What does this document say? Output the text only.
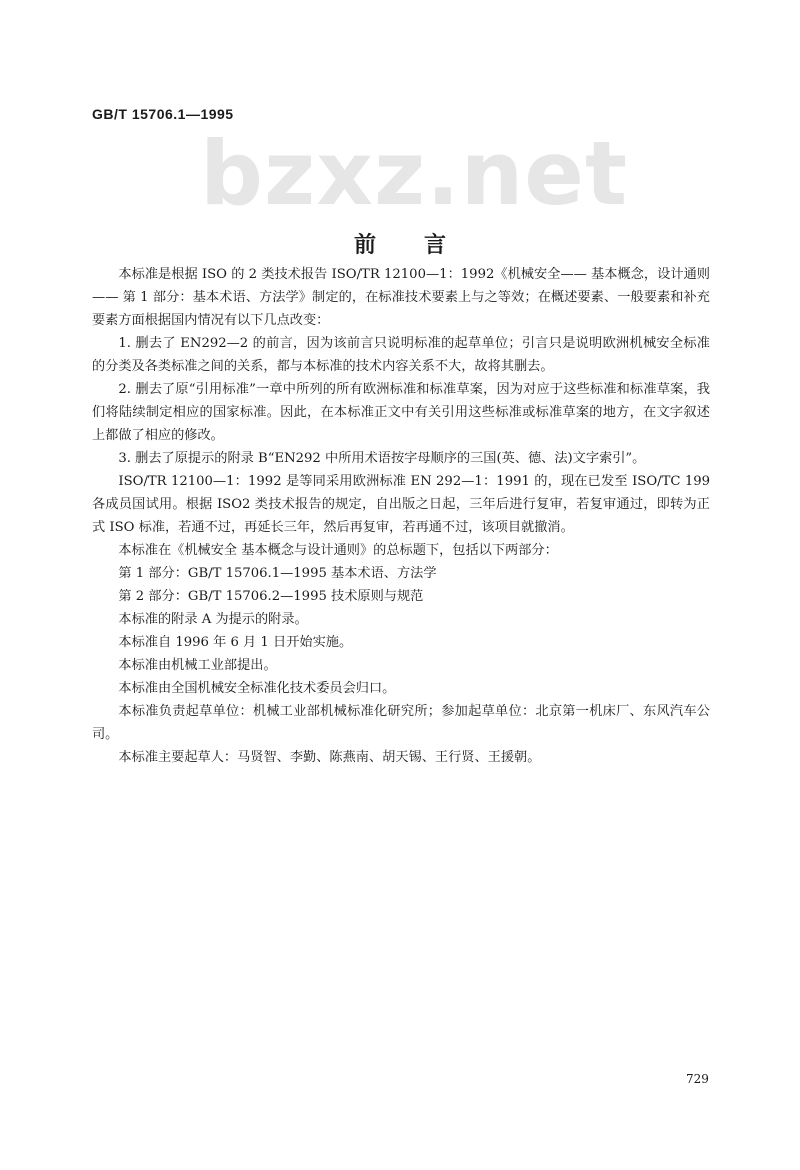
GB/T 15706.1—1995
bzxz.net
前 言

本标准是根据 ISO 的 2 类技术报告 ISO/TR 12100—1：1992《机械安全—— 基本概念，设计通则—— 第 1 部分：基本术语、方法学》制定的，在标准技术要素上与之等效；在概述要素、一般要素和补充要素方面根据国内情况有以下几点改变：

1. 删去了 EN292—2 的前言，因为该前言只说明标准的起草单位；引言只是说明欧洲机械安全标准的分类及各类标准之间的关系，都与本标准的技术内容关系不大，故将其删去。

2. 删去了原“引用标准”一章中所列的所有欧洲标准和标准草案，因为对应于这些标准和标准草案，我们将陆续制定相应的国家标准。因此，在本标准正文中有关引用这些标准或标准草案的地方，在文字叙述上都做了相应的修改。

3. 删去了原提示的附录 B“EN292 中所用术语按字母顺序的三国(英、德、法)文字索引”。

ISO/TR 12100—1：1992 是等同采用欧洲标准 EN 292—1：1991 的，现在已发至 ISO/TC 199 各成员国试用。根据 ISO2 类技术报告的规定，自出版之日起，三年后进行复审，若复审通过，即转为正式 ISO 标准，若通不过，再延长三年，然后再复审，若再通不过，该项目就撤消。

本标准在《机械安全 基本概念与设计通则》的总标题下，包括以下两部分：

第 1 部分：GB/T 15706.1—1995 基本术语、方法学

第 2 部分：GB/T 15706.2—1995 技术原则与规范

本标准的附录 A 为提示的附录。

本标准自 1996 年 6 月 1 日开始实施。

本标准由机械工业部提出。

本标准由全国机械安全标准化技术委员会归口。

本标准负责起草单位：机械工业部机械标准化研究所；参加起草单位：北京第一机床厂、东风汽车公司。

本标准主要起草人：马贤智、李勤、陈燕南、胡天锡、王行贤、王援朝。

729
